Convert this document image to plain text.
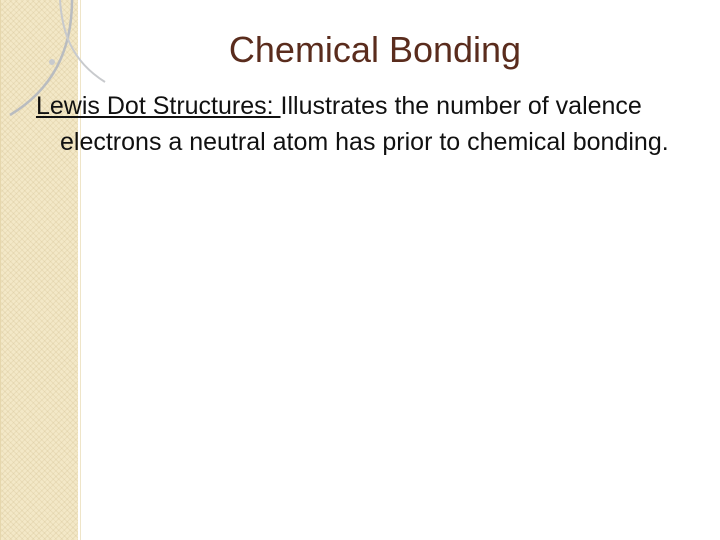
Chemical Bonding

Lewis Dot Structures: Illustrates the number of valence electrons a neutral atom has prior to chemical bonding.
